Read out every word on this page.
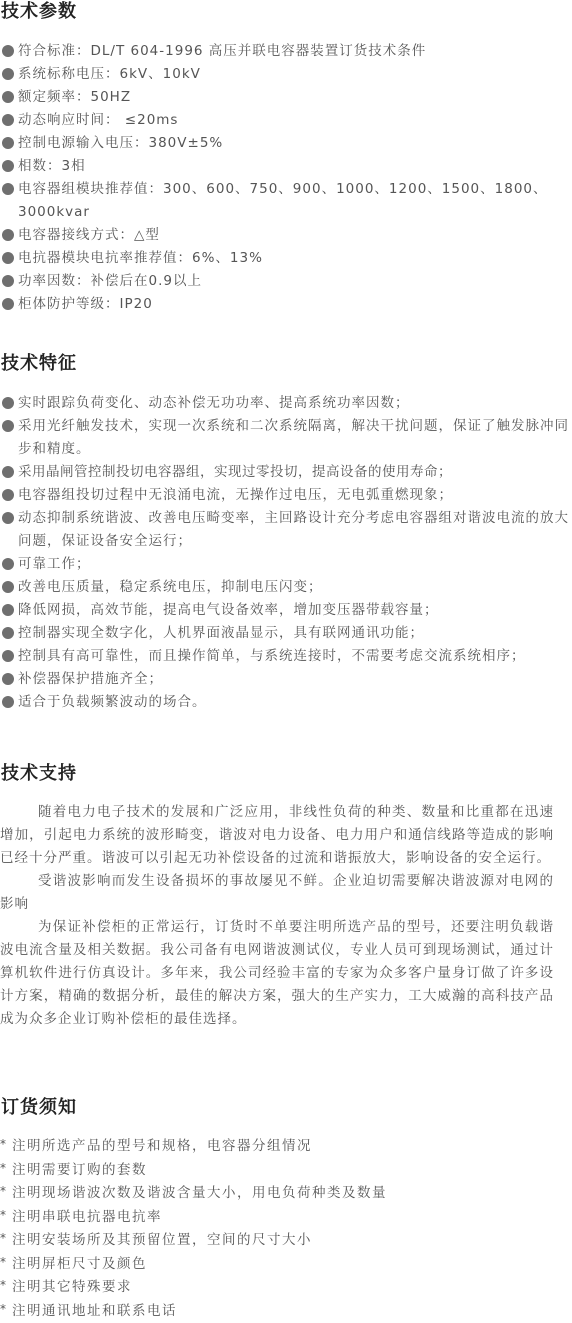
技术参数
符合标准：DL/T 604-1996 高压并联电容器装置订货技术条件
系统标称电压：6kV、10kV
额定频率：50HZ
动态响应时间： ≤20ms
控制电源输入电压：380V±5%
相数：3相
电容器组模块推荐值：300、600、750、900、1000、1200、1500、1800、3000kvar
电容器接线方式：△型
电抗器模块电抗率推荐值：6%、13%
功率因数：补偿后在0.9以上
柜体防护等级：IP20
技术特征
实时跟踪负荷变化、动态补偿无功功率、提高系统功率因数；
采用光纤触发技术，实现一次系统和二次系统隔离，解决干扰问题，保证了触发脉冲同步和精度。
采用晶闸管控制投切电容器组，实现过零投切，提高设备的使用寿命；
电容器组投切过程中无浪涌电流，无操作过电压，无电弧重燃现象；
动态抑制系统谐波、改善电压畸变率，主回路设计充分考虑电容器组对谐波电流的放大问题，保证设备安全运行；
可靠工作；
改善电压质量，稳定系统电压，抑制电压闪变；
降低网损，高效节能，提高电气设备效率，增加变压器带载容量；
控制器实现全数字化，人机界面液晶显示，具有联网通讯功能；
控制具有高可靠性，而且操作简单，与系统连接时，不需要考虑交流系统相序；
补偿器保护措施齐全；
适合于负载频繁波动的场合。
技术支持

随着电力电子技术的发展和广泛应用，非线性负荷的种类、数量和比重都在迅速增加，引起电力系统的波形畸变，谐波对电力设备、电力用户和通信线路等造成的影响已经十分严重。谐波可以引起无功补偿设备的过流和谐振放大，影响设备的安全运行。

受谐波影响而发生设备损坏的事故屡见不鲜。企业迫切需要解决谐波源对电网的影响

为保证补偿柜的正常运行，订货时不单要注明所选产品的型号，还要注明负载谐波电流含量及相关数据。我公司备有电网谐波测试仪，专业人员可到现场测试，通过计算机软件进行仿真设计。多年来，我公司经验丰富的专家为众多客户量身订做了许多设计方案，精确的数据分析，最佳的解决方案，强大的生产实力，工大威瀚的高科技产品成为众多企业订购补偿柜的最佳选择。

订货须知
* 注明所选产品的型号和规格，电容器分组情况
* 注明需要订购的套数
* 注明现场谐波次数及谐波含量大小，用电负荷种类及数量
* 注明串联电抗器电抗率
* 注明安装场所及其预留位置，空间的尺寸大小
* 注明屏柜尺寸及颜色
* 注明其它特殊要求
* 注明通讯地址和联系电话
